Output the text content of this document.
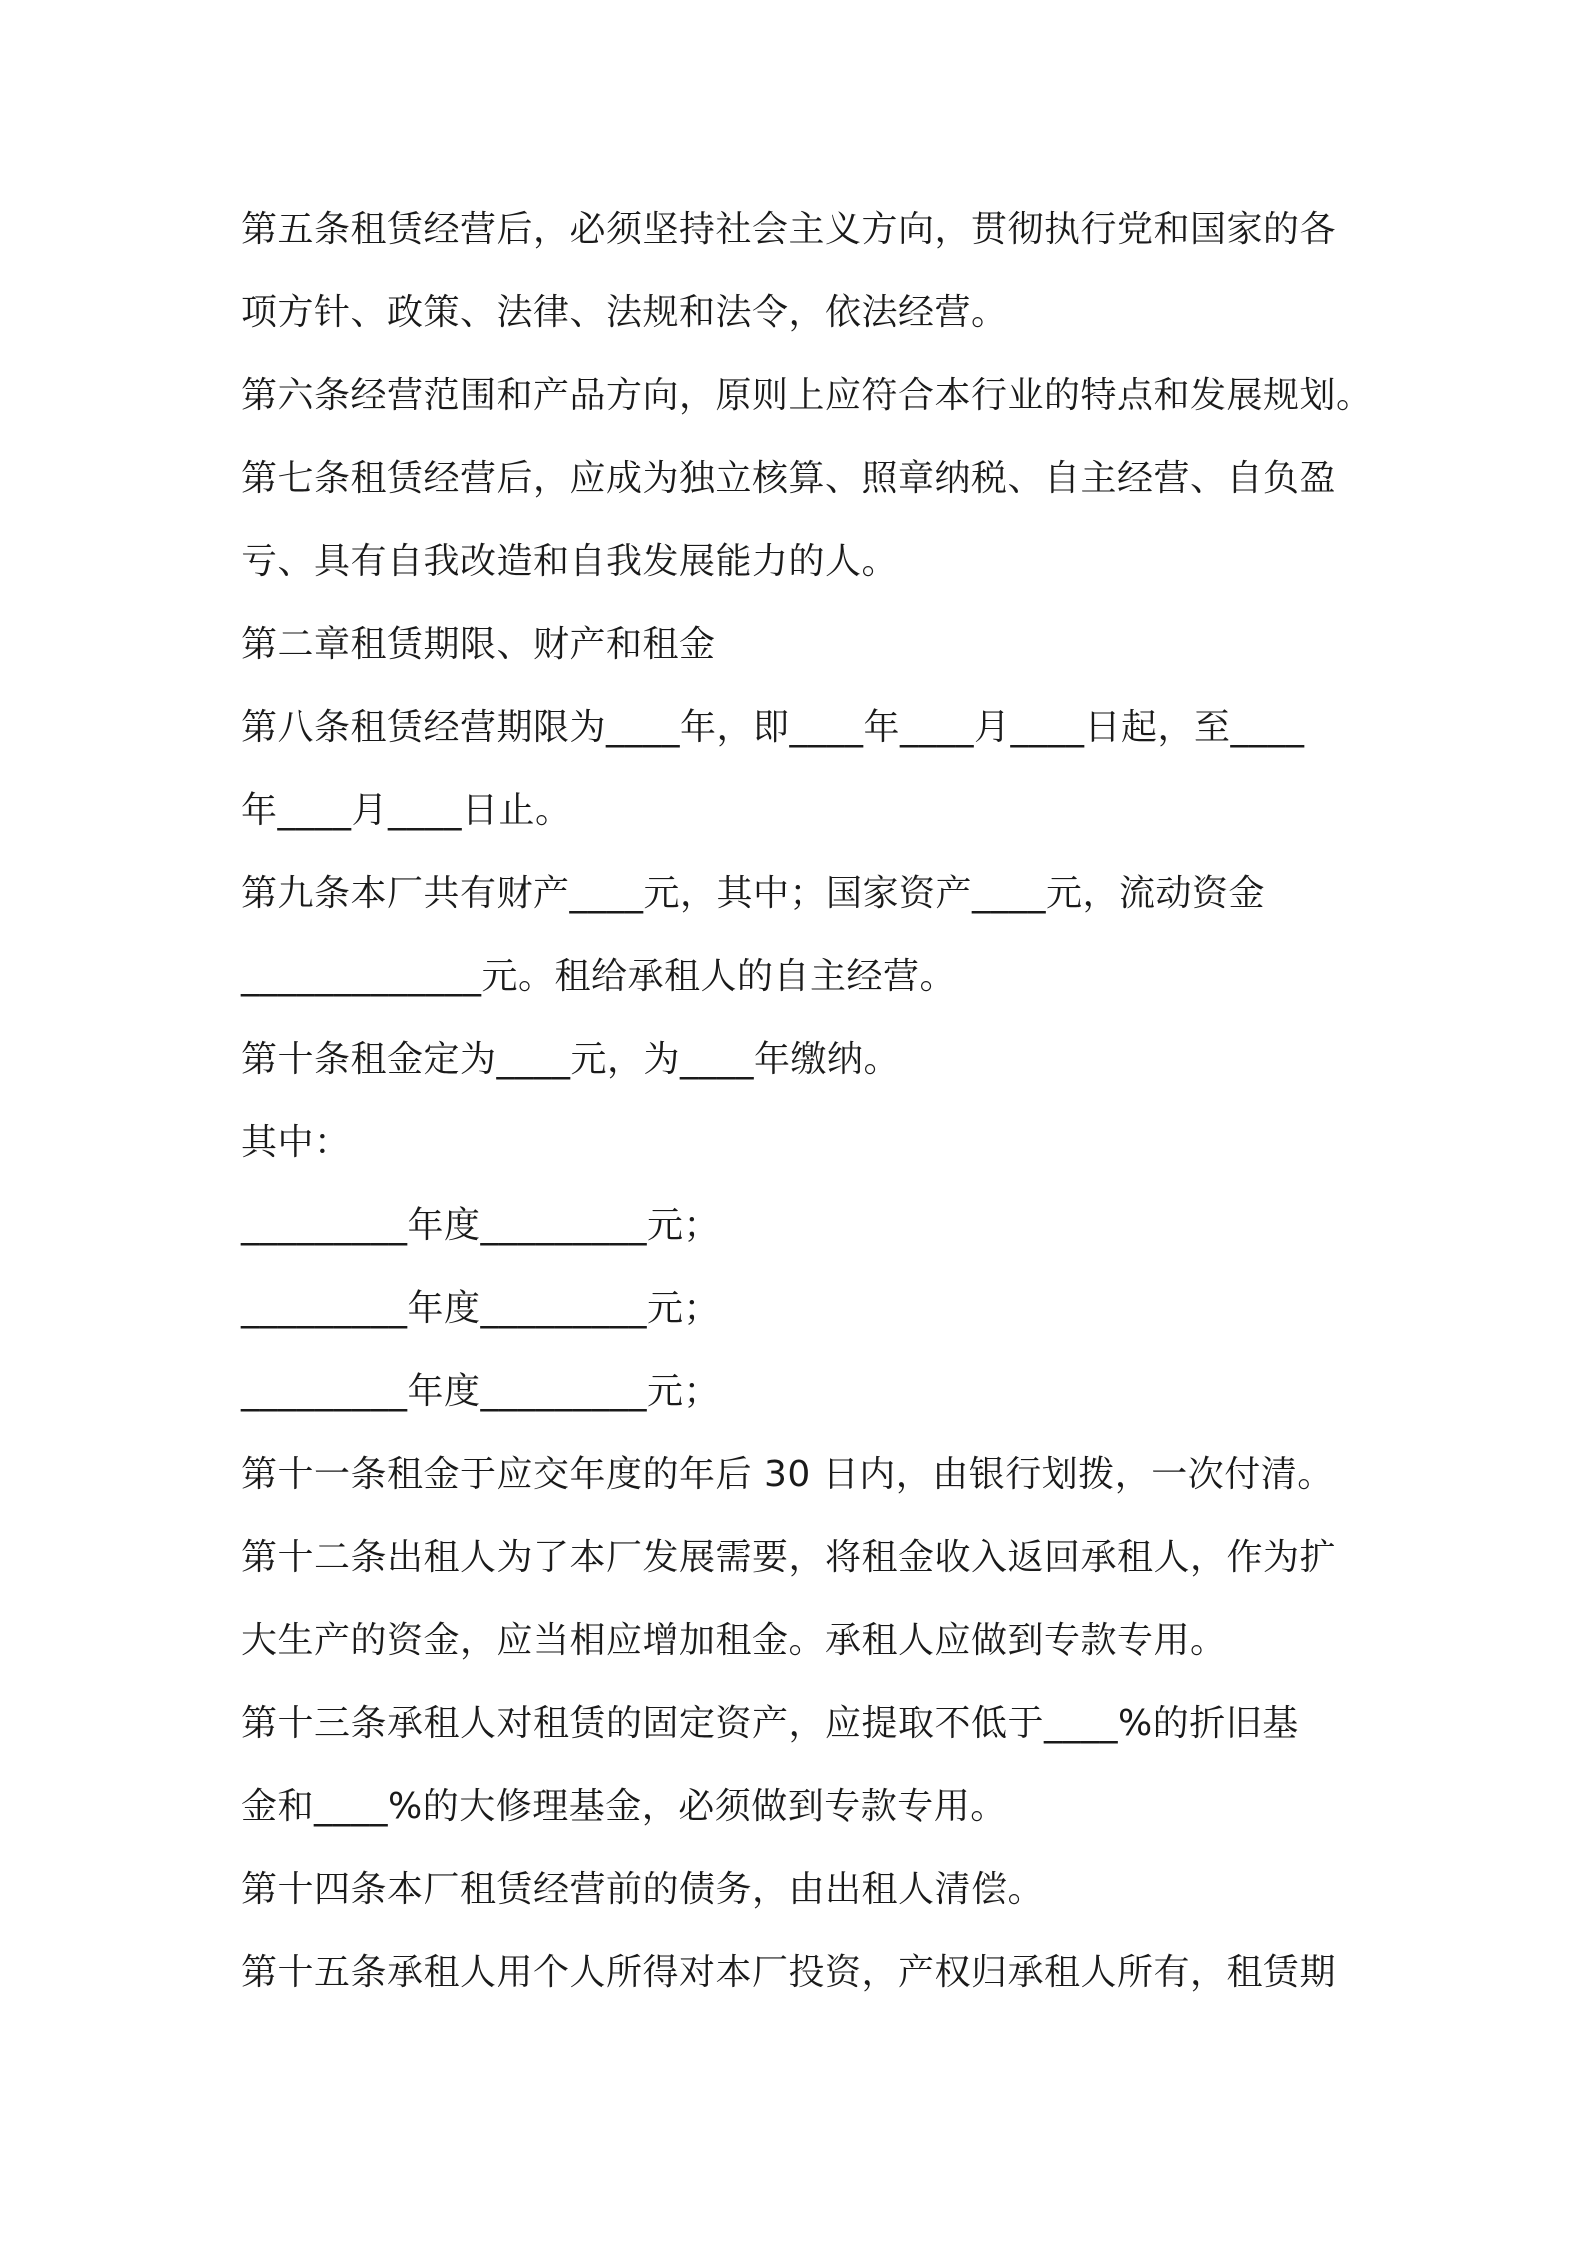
第五条租赁经营后，必须坚持社会主义方向，贯彻执行党和国家的各
项方针、政策、法律、法规和法令，依法经营。
第六条经营范围和产品方向，原则上应符合本行业的特点和发展规划。
第七条租赁经营后，应成为独立核算、照章纳税、自主经营、自负盈
亏、具有自我改造和自我发展能力的人。
第二章租赁期限、财产和租金
第八条租赁经营期限为____年，即____年____月____日起，至____
年____月____日止。
第九条本厂共有财产____元，其中；国家资产____元，流动资金
_____________元。租给承租人的自主经营。
第十条租金定为____元，为____年缴纳。
其中：
_________年度_________元；
_________年度_________元；
_________年度_________元；
第十一条租金于应交年度的年后 30 日内，由银行划拨，一次付清。
第十二条出租人为了本厂发展需要，将租金收入返回承租人，作为扩
大生产的资金，应当相应增加租金。承租人应做到专款专用。
第十三条承租人对租赁的固定资产，应提取不低于____%的折旧基
金和____%的大修理基金，必须做到专款专用。
第十四条本厂租赁经营前的债务，由出租人清偿。
第十五条承租人用个人所得对本厂投资，产权归承租人所有，租赁期
